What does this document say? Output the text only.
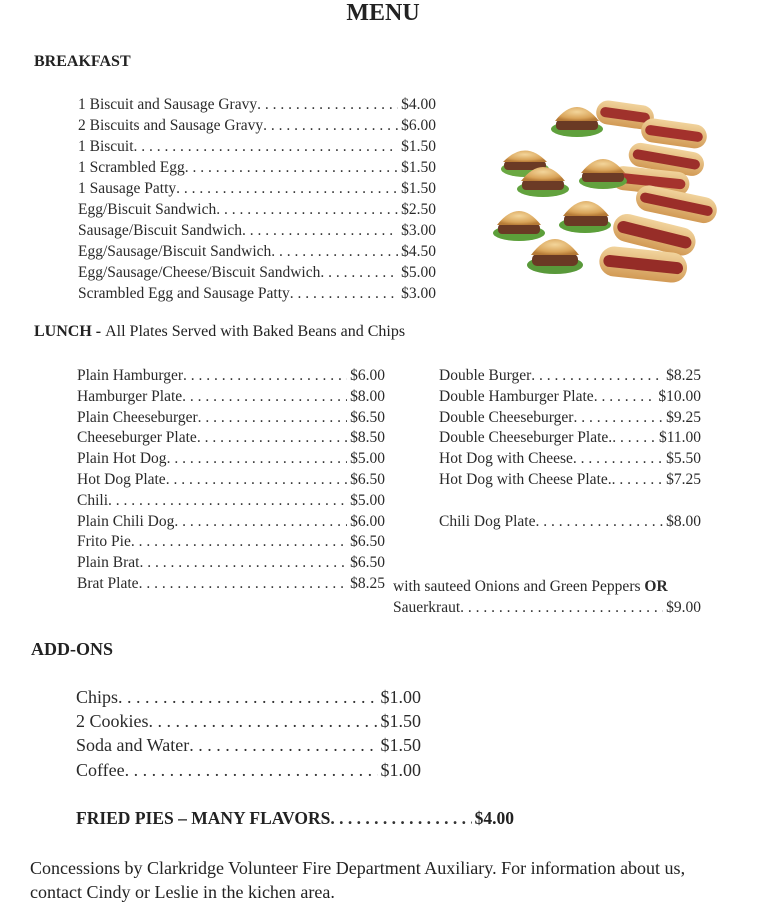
MENU
BREAKFAST
1 Biscuit and Sausage Gravy . . .	$4.00
2 Biscuits and Sausage Gravy . . .	$6.00
1 Biscuit . . .	$1.50
1 Scrambled Egg . . .	$1.50
1 Sausage Patty . . .	$1.50
Egg/Biscuit Sandwich . . .	$2.50
Sausage/Biscuit Sandwich . . .	$3.00
Egg/Sausage/Biscuit Sandwich . . .	$4.50
Egg/Sausage/Cheese/Biscuit Sandwich . . .	$5.00
Scrambled Egg and Sausage Patty . . .	$3.00
LUNCH - All Plates Served with Baked Beans and Chips
Plain Hamburger . . .	$6.00
Hamburger Plate . . .	$8.00
Plain Cheeseburger . . .	$6.50
Cheeseburger Plate . . .	$8.50
Plain Hot Dog . . .	$5.00
Hot Dog Plate . . .	$6.50
Chili . . .	$5.00
Plain Chili Dog . . .	$6.00
Frito Pie . . .	$6.50
Plain Brat . . .	$6.50
Brat Plate . . .	$8.25
Double Burger . . .	$8.25
Double Hamburger Plate . . .	$10.00
Double Cheeseburger . . .	$9.25
Double Cheeseburger Plate. . . .	$11.00
Hot Dog with Cheese . . .	$5.50
Hot Dog with Cheese Plate. . . .	$7.25
Chili Dog Plate . . .	$8.00
with sauteed Onions and Green Peppers OR
Sauerkraut . . .	$9.00
ADD-ONS
Chips . . .	$1.00
2 Cookies . . .	$1.50
Soda and Water . . .	$1.50
Coffee . . .	$1.00
FRIED PIES – MANY FLAVORS . . .	$4.00
Concessions by Clarkridge Volunteer Fire Department Auxiliary. For information about us, contact Cindy or Leslie in the kichen area.
